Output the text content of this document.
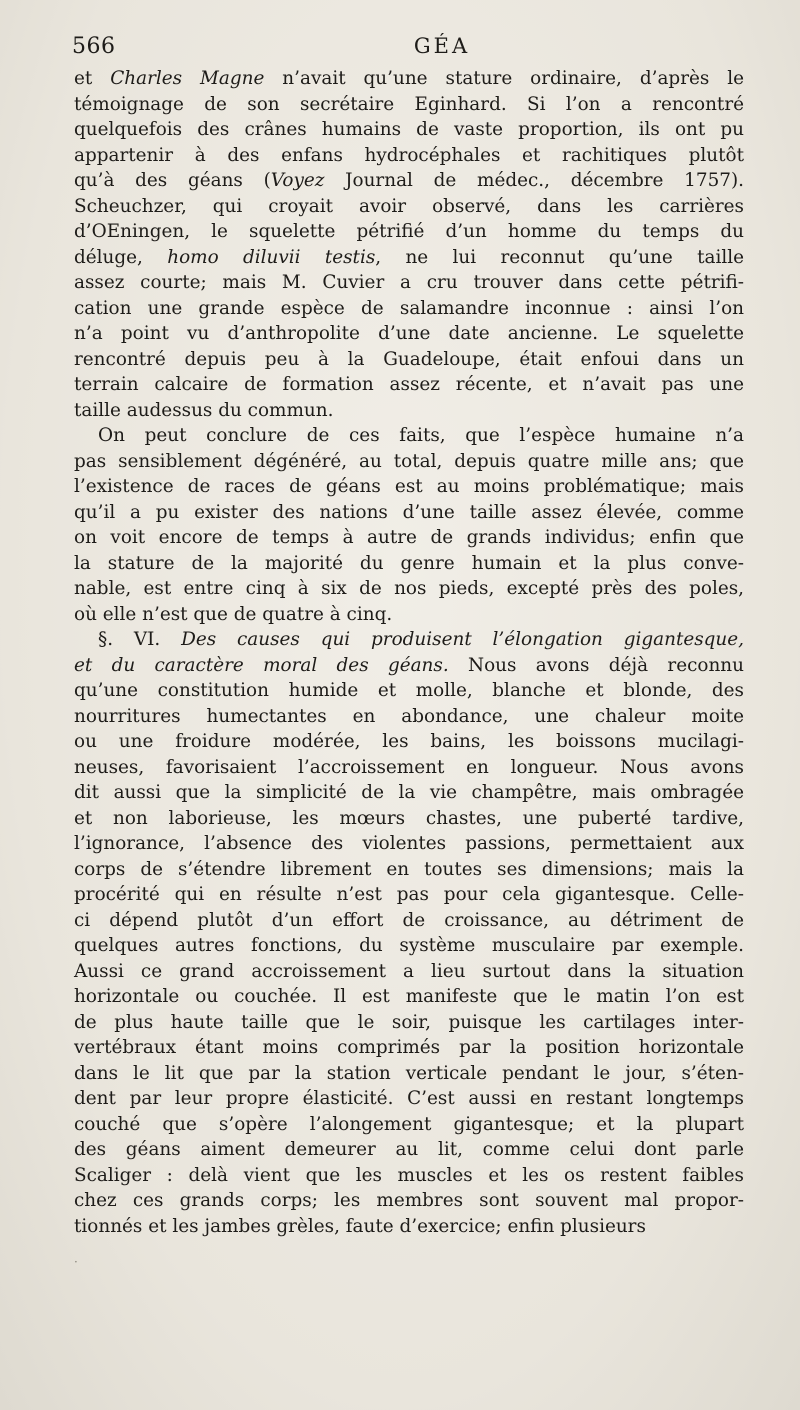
566	GÉA
et Charles Magne n’avait qu’une stature ordinaire, d’après le
témoignage de son secrétaire Eginhard. Si l’on a rencontré
quelquefois des crânes humains de vaste proportion, ils ont pu
appartenir à des enfans hydrocéphales et rachitiques plutôt
qu’à des géans (Voyez Journal de médec., décembre 1757).
Scheuchzer, qui croyait avoir observé, dans les carrières
d’OEningen, le squelette pétrifié d’un homme du temps du
déluge, homo diluvii testis, ne lui reconnut qu’une taille
assez courte; mais M. Cuvier a cru trouver dans cette pétrifi-
cation une grande espèce de salamandre inconnue : ainsi l’on
n’a point vu d’anthropolite d’une date ancienne. Le squelette
rencontré depuis peu à la Guadeloupe, était enfoui dans un
terrain calcaire de formation assez récente, et n’avait pas une
taille audessus du commun.
On peut conclure de ces faits, que l’espèce humaine n’a
pas sensiblement dégénéré, au total, depuis quatre mille ans; que
l’existence de races de géans est au moins problématique; mais
qu’il a pu exister des nations d’une taille assez élevée, comme
on voit encore de temps à autre de grands individus; enfin que
la stature de la majorité du genre humain et la plus conve-
nable, est entre cinq à six de nos pieds, excepté près des poles,
où elle n’est que de quatre à cinq.
§. VI. Des causes qui produisent l’élongation gigantesque,
et du caractère moral des géans. Nous avons déjà reconnu
qu’une constitution humide et molle, blanche et blonde, des
nourritures humectantes en abondance, une chaleur moite
ou une froidure modérée, les bains, les boissons mucilagi-
neuses, favorisaient l’accroissement en longueur. Nous avons
dit aussi que la simplicité de la vie champêtre, mais ombragée
et non laborieuse, les mœurs chastes, une puberté tardive,
l’ignorance, l’absence des violentes passions, permettaient aux
corps de s’étendre librement en toutes ses dimensions; mais la
procérité qui en résulte n’est pas pour cela gigantesque. Celle-
ci dépend plutôt d’un effort de croissance, au détriment de
quelques autres fonctions, du système musculaire par exemple.
Aussi ce grand accroissement a lieu surtout dans la situation
horizontale ou couchée. Il est manifeste que le matin l’on est
de plus haute taille que le soir, puisque les cartilages inter-
vertébraux étant moins comprimés par la position horizontale
dans le lit que par la station verticale pendant le jour, s’éten-
dent par leur propre élasticité. C’est aussi en restant longtemps
couché que s’opère l’alongement gigantesque; et la plupart
des géans aiment demeurer au lit, comme celui dont parle
Scaliger : delà vient que les muscles et les os restent faibles
chez ces grands corps; les membres sont souvent mal propor-
tionnés et les jambes grèles, faute d’exercice; enfin plusieurs
·
